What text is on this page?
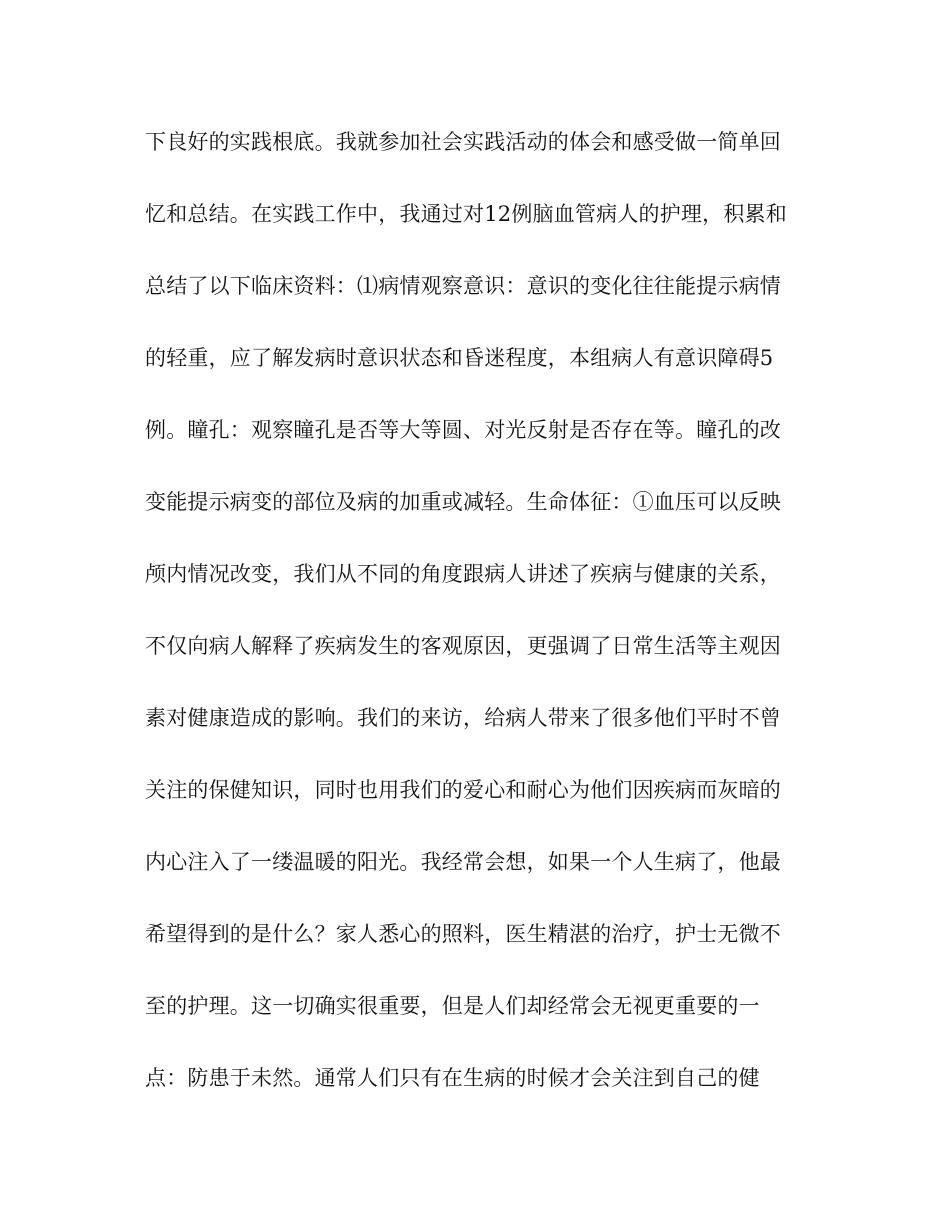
下良好的实践根底。我就参加社会实践活动的体会和感受做一简单回
忆和总结。在实践工作中，我通过对12例脑血管病人的护理，积累和
总结了以下临床资料：⑴病情观察意识：意识的变化往往能提示病情
的轻重，应了解发病时意识状态和昏迷程度，本组病人有意识障碍5
例。瞳孔：观察瞳孔是否等大等圆、对光反射是否存在等。瞳孔的改
变能提示病变的部位及病的加重或减轻。生命体征：①血压可以反映
颅内情况改变，我们从不同的角度跟病人讲述了疾病与健康的关系，
不仅向病人解释了疾病发生的客观原因，更强调了日常生活等主观因
素对健康造成的影响。我们的来访，给病人带来了很多他们平时不曾
关注的保健知识，同时也用我们的爱心和耐心为他们因疾病而灰暗的
内心注入了一缕温暖的阳光。我经常会想，如果一个人生病了，他最
希望得到的是什么？家人悉心的照料，医生精湛的治疗，护士无微不
至的护理。这一切确实很重要，但是人们却经常会无视更重要的一
点：防患于未然。通常人们只有在生病的时候才会关注到自己的健
